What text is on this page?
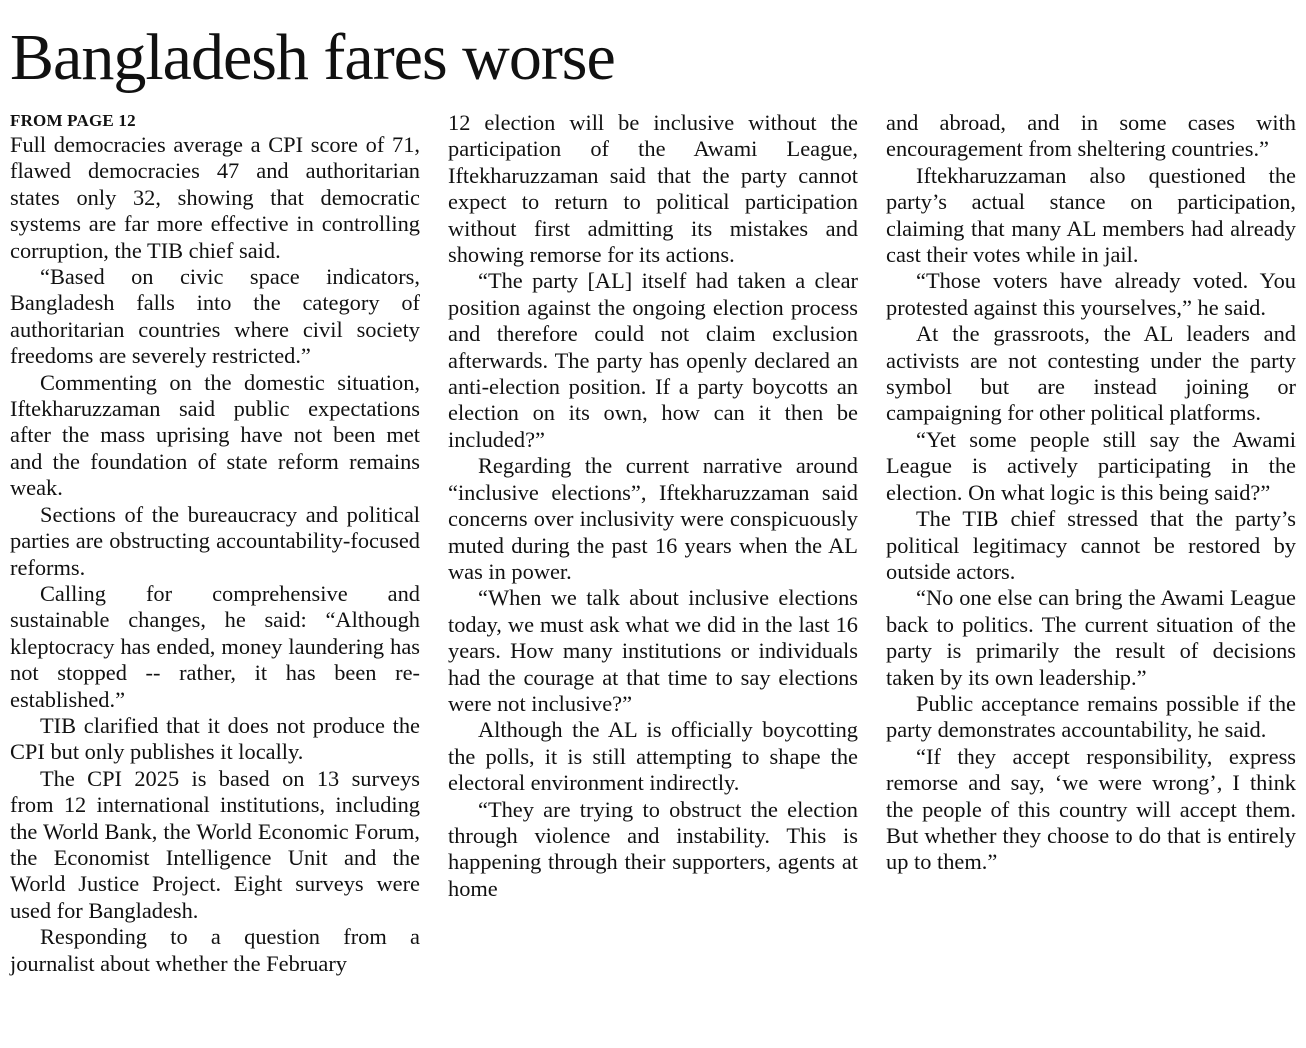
Bangladesh fares worse
FROM PAGE 12

Full democracies average a CPI score of 71, flawed democracies 47 and authoritarian states only 32, showing that democratic systems are far more effective in controlling corruption, the TIB chief said.

“Based on civic space indicators, Bangladesh falls into the category of authoritarian countries where civil society freedoms are severely restricted.”

Commenting on the domestic situation, Iftekharuzzaman said public expectations after the mass uprising have not been met and the foundation of state reform remains weak.

Sections of the bureaucracy and political parties are obstructing accountability-focused reforms.

Calling for comprehensive and sustainable changes, he said: “Although kleptocracy has ended, money laundering has not stopped -- rather, it has been re-established.”

TIB clarified that it does not produce the CPI but only publishes it locally.

The CPI 2025 is based on 13 surveys from 12 international institutions, including the World Bank, the World Economic Forum, the Economist Intelligence Unit and the World Justice Project. Eight surveys were used for Bangladesh.

Responding to a question from a journalist about whether the February

12 election will be inclusive without the participation of the Awami League, Iftekharuzzaman said that the party cannot expect to return to political participation without first admitting its mistakes and showing remorse for its actions.

“The party [AL] itself had taken a clear position against the ongoing election process and therefore could not claim exclusion afterwards. The party has openly declared an anti-election position. If a party boycotts an election on its own, how can it then be included?”

Regarding the current narrative around “inclusive elections”, Iftekharuzzaman said concerns over inclusivity were conspicuously muted during the past 16 years when the AL was in power.

“When we talk about inclusive elections today, we must ask what we did in the last 16 years. How many institutions or individuals had the courage at that time to say elections were not inclusive?”

Although the AL is officially boycotting the polls, it is still attempting to shape the electoral environment indirectly.

“They are trying to obstruct the election through violence and instability. This is happening through their supporters, agents at home

and abroad, and in some cases with encouragement from sheltering countries.”

Iftekharuzzaman also questioned the party’s actual stance on participation, claiming that many AL members had already cast their votes while in jail.

“Those voters have already voted. You protested against this yourselves,” he said.

At the grassroots, the AL leaders and activists are not contesting under the party symbol but are instead joining or campaigning for other political platforms.

“Yet some people still say the Awami League is actively participating in the election. On what logic is this being said?”

The TIB chief stressed that the party’s political legitimacy cannot be restored by outside actors.

“No one else can bring the Awami League back to politics. The current situation of the party is primarily the result of decisions taken by its own leadership.”

Public acceptance remains possible if the party demonstrates accountability, he said.

“If they accept responsibility, express remorse and say, ‘we were wrong’, I think the people of this country will accept them. But whether they choose to do that is entirely up to them.”
